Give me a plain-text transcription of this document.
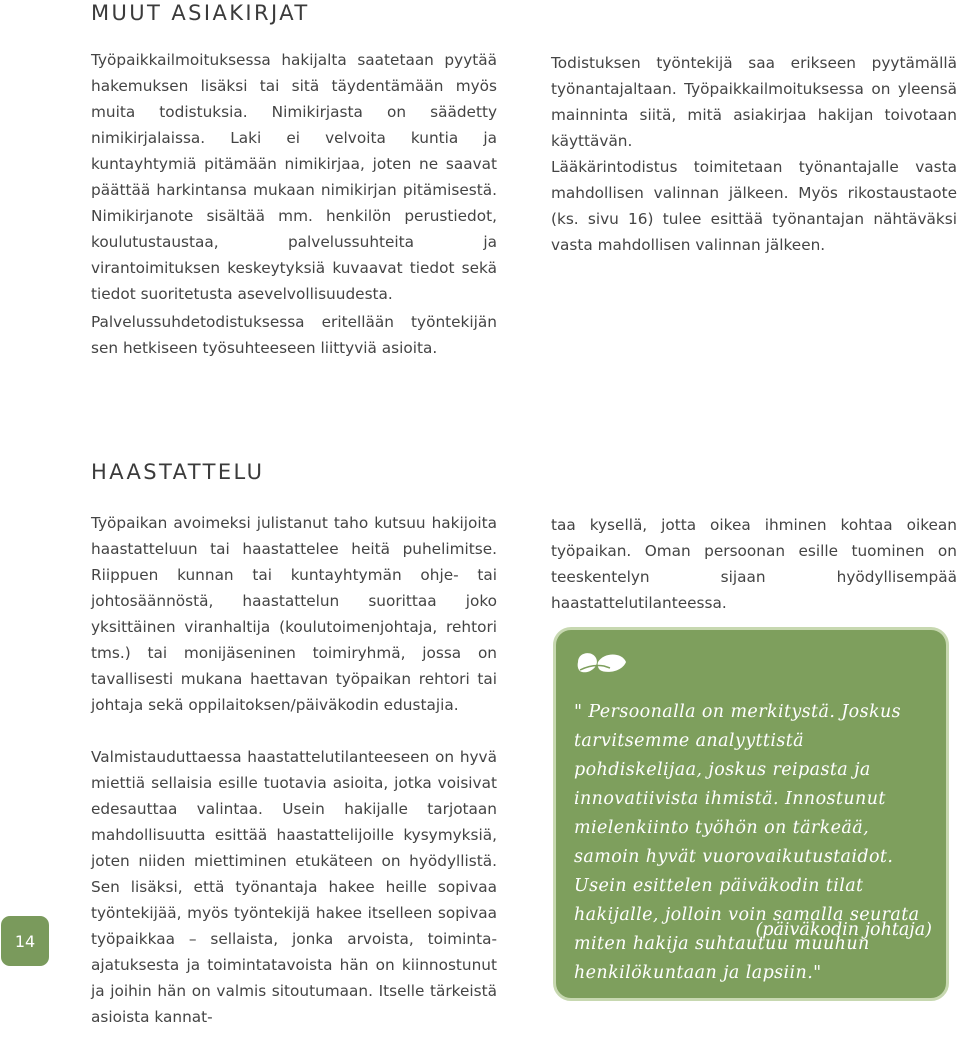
MUUT ASIAKIRJAT

Työpaikkailmoituksessa hakijalta saatetaan pyytää hakemuksen lisäksi tai sitä täydentämään myös muita todistuksia. Nimikirjasta on säädetty nimikirjalaissa. Laki ei velvoita kuntia ja kuntayhtymiä pitämään nimikirjaa, joten ne saavat päättää harkintansa mukaan nimikirjan pitämisestä. Nimikirjanote sisältää mm. henkilön perustiedot, koulutustaustaa, palvelussuhteita ja virantoimituksen keskeytyksiä kuvaavat tiedot sekä tiedot suoritetusta asevelvollisuudesta.

Palvelussuhdetodistuksessa eritellään työntekijän sen hetkiseen työsuhteeseen liittyviä asioita.

Todistuksen työntekijä saa erikseen pyytämällä työnantajaltaan. Työpaikkailmoituksessa on yleensä mainninta siitä, mitä asiakirjaa hakijan toivotaan käyttävän.

Lääkärintodistus toimitetaan työnantajalle vasta mahdollisen valinnan jälkeen. Myös rikostaustaote (ks. sivu 16) tulee esittää työnantajan nähtäväksi vasta mahdollisen valinnan jälkeen.

HAASTATTELU

Työpaikan avoimeksi julistanut taho kutsuu hakijoita haastatteluun tai haastattelee heitä puhelimitse. Riippuen kunnan tai kuntayhtymän ohje- tai johtosäännöstä, haastattelun suorittaa joko yksittäinen viranhaltija (koulutoimenjohtaja, rehtori tms.) tai monijäseninen toimiryhmä, jossa on tavallisesti mukana haettavan työpaikan rehtori tai johtaja sekä oppilaitoksen/päiväkodin edustajia.

Valmistauduttaessa haastattelutilanteeseen on hyvä miettiä sellaisia esille tuotavia asioita, jotka voisivat edesauttaa valintaa. Usein hakijalle tarjotaan mahdollisuutta esittää haastattelijoille kysymyksiä, joten niiden miettiminen etukäteen on hyödyllistä. Sen lisäksi, että työnantaja hakee heille sopivaa työntekijää, myös työntekijä hakee itselleen sopivaa työpaikkaa – sellaista, jonka arvoista, toiminta-ajatuksesta ja toimintatavoista hän on kiinnostunut ja joihin hän on valmis sitoutumaan. Itselle tärkeistä asioista kannat-

taa kysellä, jotta oikea ihminen kohtaa oikean työpaikan. Oman persoonan esille tuominen on teeskentelyn sijaan hyödyllisempää haastattelutilanteessa.

" Persoonalla on merkitystä. Joskus tarvitsemme analyyttistä pohdiskelijaa, joskus reipasta ja innovatiivista ihmistä. Innostunut mielenkiinto työhön on tärkeää, samoin hyvät vuorovaikutustaidot. Usein esittelen päiväkodin tilat hakijalle, jolloin voin samalla seurata miten hakija suhtautuu muuhun henkilökuntaan ja lapsiin."

(päiväkodin johtaja)

14
